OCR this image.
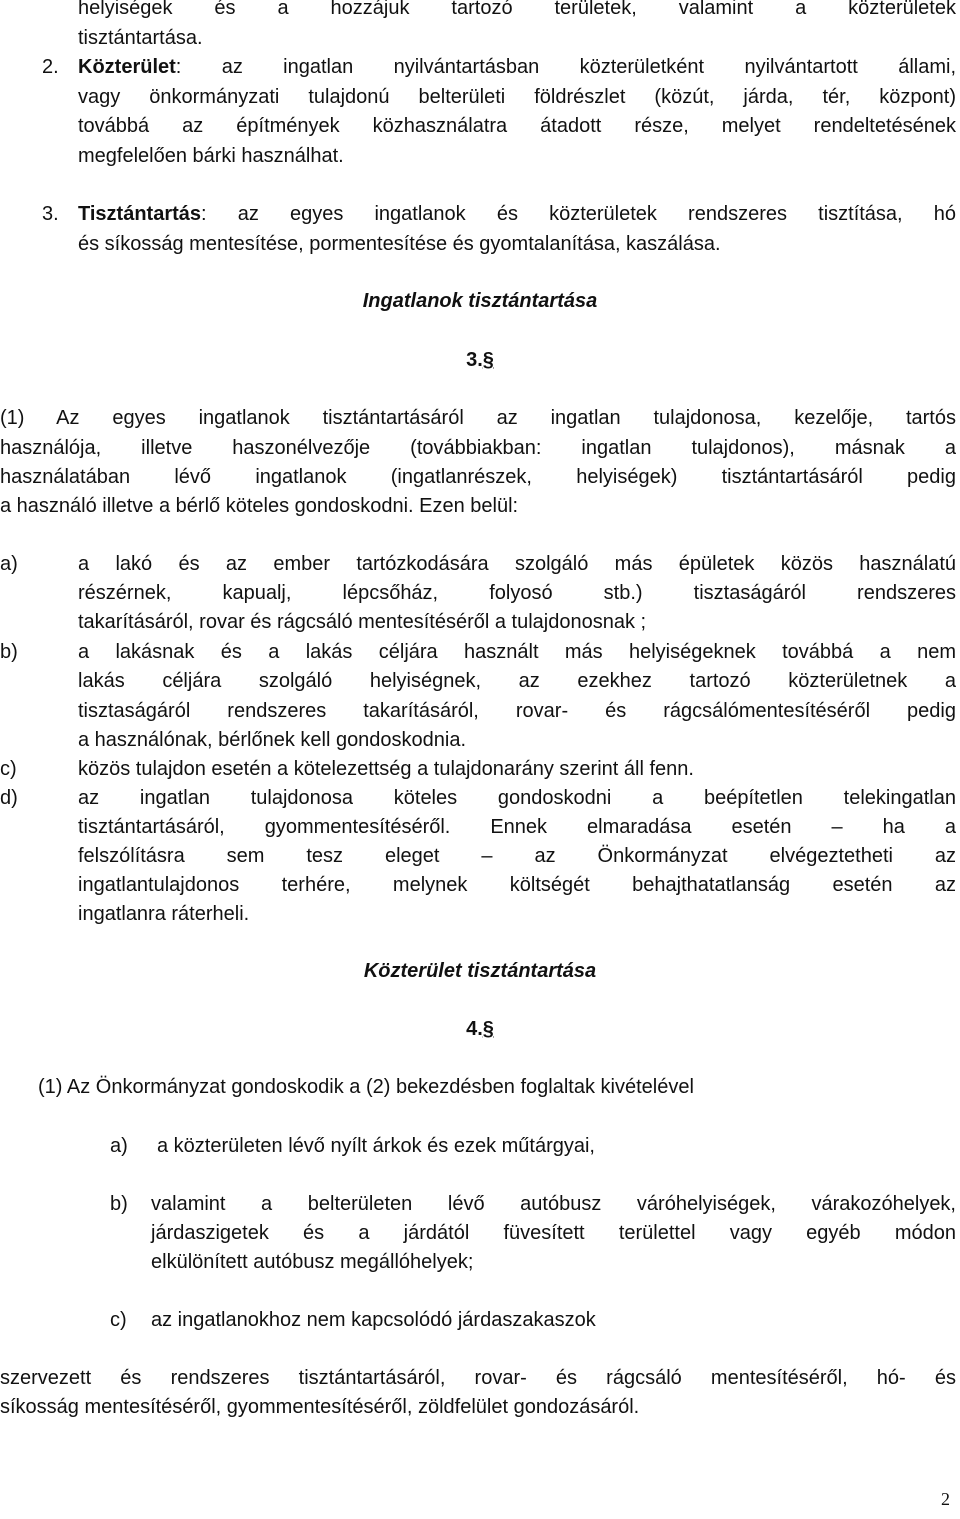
helyiségek és a hozzájuk tartozó területek, valamint a közterületek
tisztántartása.
2. Közterület: az ingatlan nyilvántartásban közterületként nyilvántartott állami,
vagy önkormányzati tulajdonú belterületi földrészlet (közút, járda, tér, központ)
továbbá az építmények közhasználatra átadott része, melyet rendeltetésének
megfelelően bárki használhat.
3. Tisztántartás: az egyes ingatlanok és közterületek rendszeres tisztítása, hó
és síkosság mentesítése, pormentesítése és gyomtalanítása, kaszálása.
Ingatlanok tisztántartása
3.§
(1) Az egyes ingatlanok tisztántartásáról az ingatlan tulajdonosa, kezelője, tartós
használója, illetve haszonélvezője (továbbiakban: ingatlan tulajdonos), másnak a
használatában lévő ingatlanok (ingatlanrészek, helyiségek) tisztántartásáról pedig
a használó illetve a bérlő köteles gondoskodni. Ezen belül:
a)	a lakó és az ember tartózkodására szolgáló más épületek közös használatú
részérnek, kapualj, lépcsőház, folyosó stb.) tisztaságáról rendszeres
takarításáról, rovar és rágcsáló mentesítéséről a tulajdonosnak ;
b)	a lakásnak és a lakás céljára használt más helyiségeknek továbbá a nem
lakás céljára szolgáló helyiségnek, az ezekhez tartozó közterületnek a
tisztaságáról rendszeres takarításáról, rovar- és rágcsálómentesítéséről pedig
a használónak, bérlőnek kell gondoskodnia.
c)	közös tulajdon esetén a kötelezettség a tulajdonarány szerint áll fenn.
d)	az ingatlan tulajdonosa köteles gondoskodni a beépítetlen telekingatlan
tisztántartásáról, gyommentesítéséről. Ennek elmaradása esetén – ha a
felszólításra sem tesz eleget – az Önkormányzat elvégeztetheti az
ingatlantulajdonos terhére, melynek költségét behajthatatlanság esetén az
ingatlanra ráterheli.
Közterület tisztántartása
4.§
(1) Az Önkormányzat gondoskodik a (2) bekezdésben foglaltak kivételével
a) a közterületen lévő nyílt árkok és ezek műtárgyai,
b) valamint a belterületen lévő autóbusz váróhelyiségek, várakozóhelyek,
járdaszigetek és a járdától füvesített területtel vagy egyéb módon
elkülönített autóbusz megállóhelyek;
c) az ingatlanokhoz nem kapcsolódó járdaszakaszok
szervezett és rendszeres tisztántartásáról, rovar- és rágcsáló mentesítéséről, hó- és
síkosság mentesítéséről, gyommentesítéséről, zöldfelület gondozásáról.
2
